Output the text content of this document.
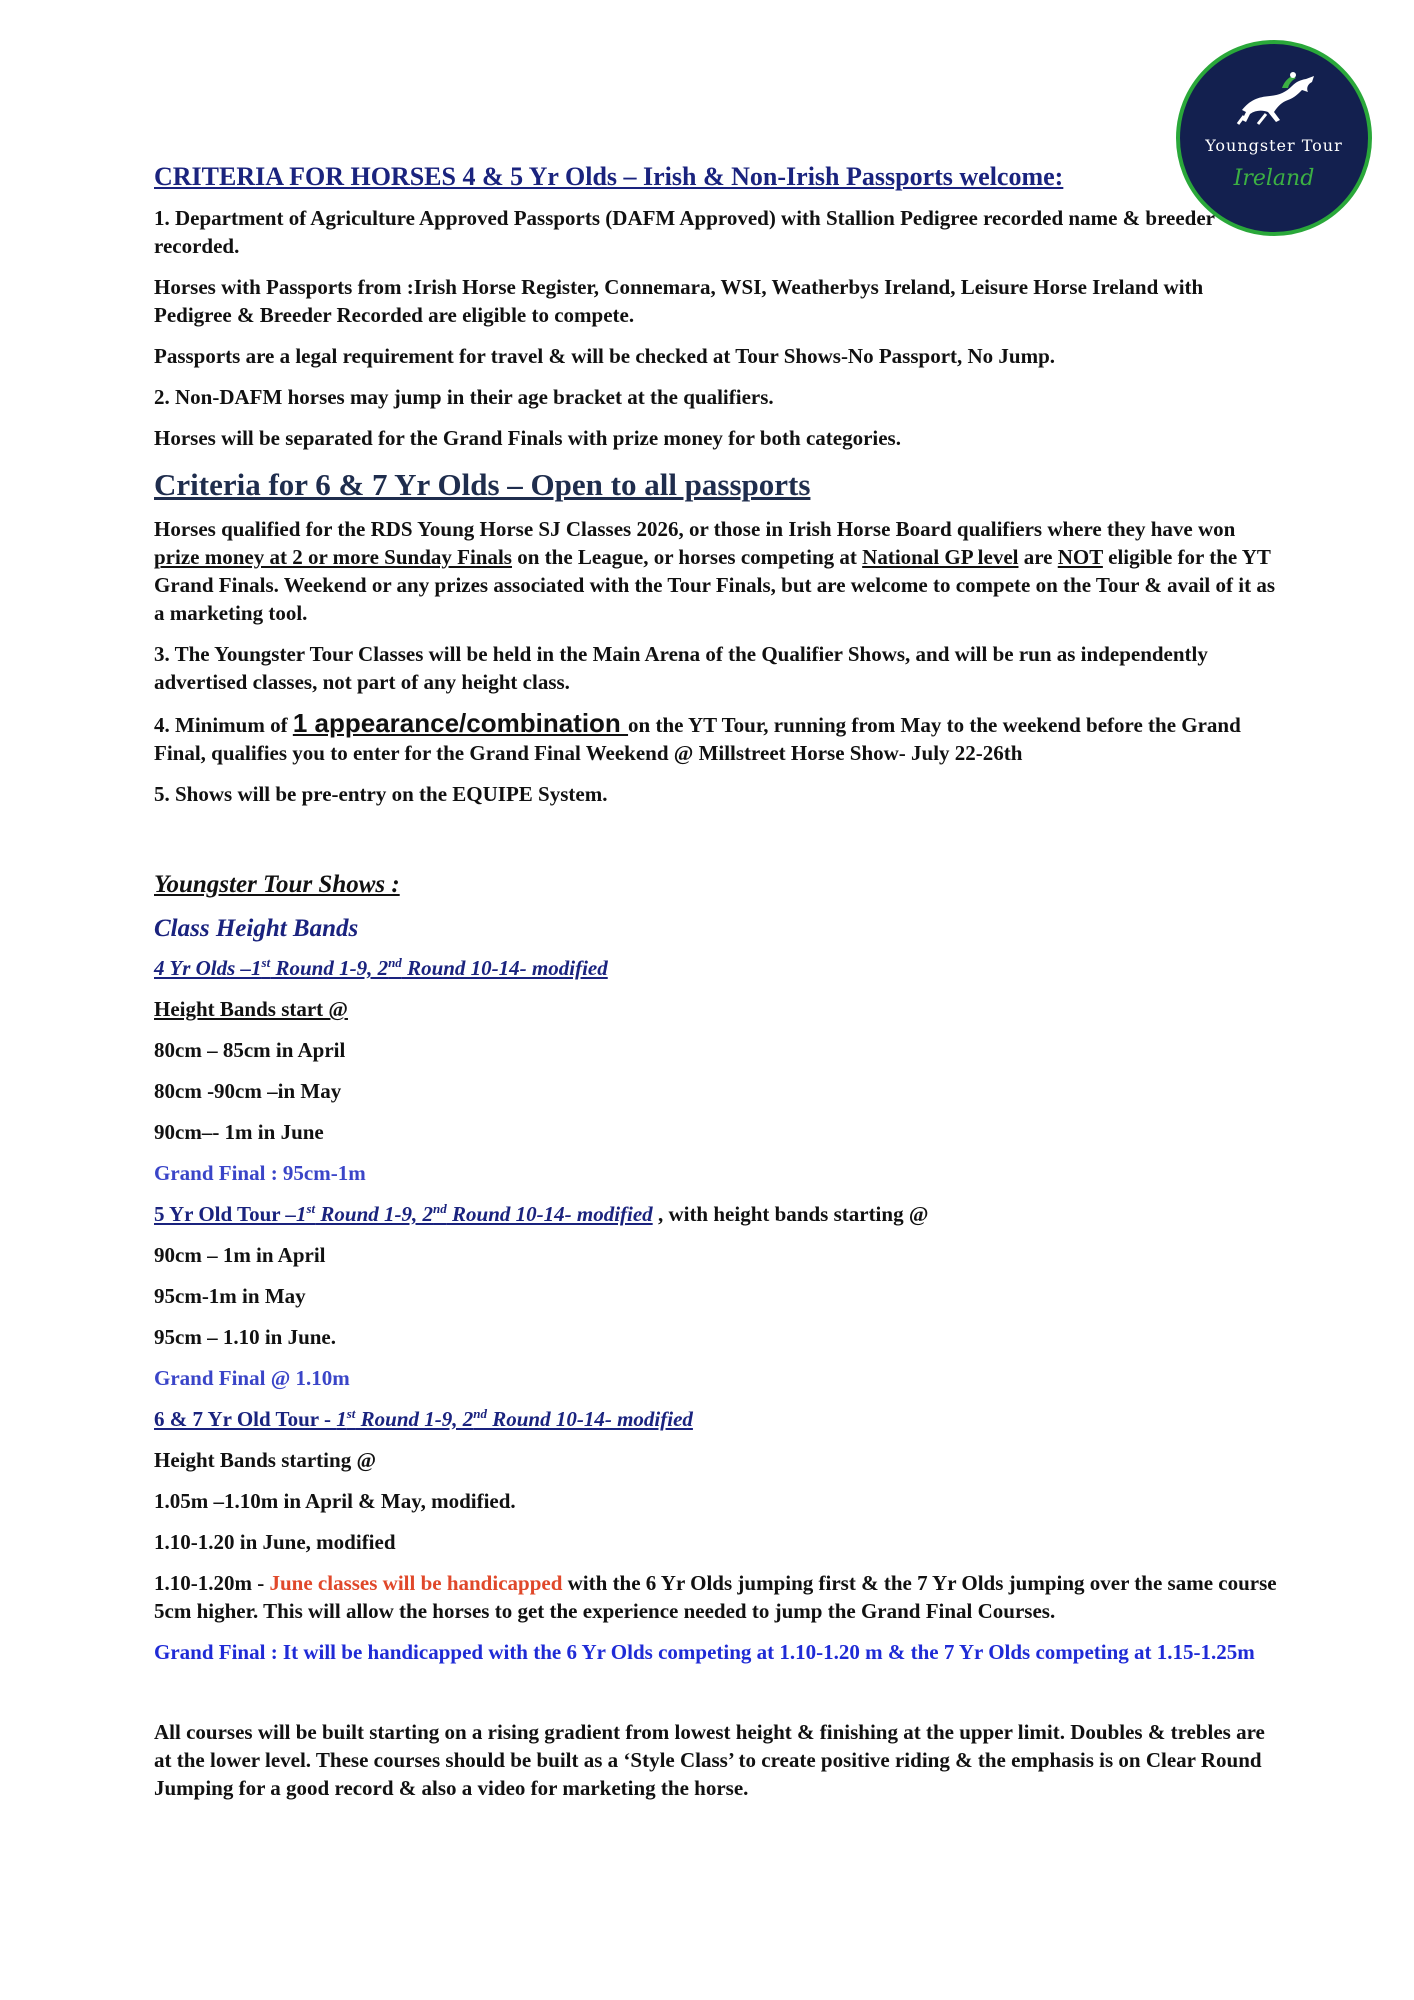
Youngster Tour
Ireland

CRITERIA FOR HORSES 4 & 5 Yr Olds – Irish & Non-Irish Passports welcome:

1. Department of Agriculture Approved Passports (DAFM Approved) with Stallion Pedigree recorded name & breeder recorded.

Horses with Passports from :Irish Horse Register, Connemara, WSI, Weatherbys Ireland, Leisure Horse Ireland with Pedigree & Breeder Recorded are eligible to compete.

Passports are a legal requirement for travel & will be checked at Tour Shows-No Passport, No Jump.

2. Non-DAFM horses may jump in their age bracket at the qualifiers.

Horses will be separated for the Grand Finals with prize money for both categories.

Criteria for 6 & 7 Yr Olds – Open to all passports

Horses qualified for the RDS Young Horse SJ Classes 2026, or those in Irish Horse Board qualifiers where they have won prize money at 2 or more Sunday Finals on the League, or horses competing at National GP level are NOT eligible for the YT Grand Finals. Weekend or any prizes associated with the Tour Finals, but are welcome to compete on the Tour & avail of it as a marketing tool.

3. The Youngster Tour Classes will be held in the Main Arena of the Qualifier Shows, and will be run as independently advertised classes, not part of any height class.

4. Minimum of 1 appearance/combination on the YT Tour, running from May to the weekend before the Grand Final, qualifies you to enter for the Grand Final Weekend @ Millstreet Horse Show- July 22-26th

5. Shows will be pre-entry on the EQUIPE System.

Youngster Tour Shows :

Class Height Bands

4 Yr Olds –1st Round 1-9, 2nd Round 10-14- modified

Height Bands start @

80cm – 85cm in April

80cm -90cm –in May

90cm–- 1m in June

Grand Final : 95cm-1m

5 Yr Old Tour –1st Round 1-9, 2nd Round 10-14- modified , with height bands starting @

90cm – 1m in April

95cm-1m in May

95cm – 1.10 in June.

Grand Final @ 1.10m

6 & 7 Yr Old Tour - 1st Round 1-9, 2nd Round 10-14- modified

Height Bands starting @

1.05m –1.10m in April & May, modified.

1.10-1.20 in June, modified

1.10-1.20m - June classes will be handicapped with the 6 Yr Olds jumping first & the 7 Yr Olds jumping over the same course 5cm higher. This will allow the horses to get the experience needed to jump the Grand Final Courses.

Grand Final : It will be handicapped with the 6 Yr Olds competing at 1.10-1.20 m & the 7 Yr Olds competing at 1.15-1.25m

All courses will be built starting on a rising gradient from lowest height & finishing at the upper limit. Doubles & trebles are at the lower level. These courses should be built as a ‘Style Class’ to create positive riding & the emphasis is on Clear Round Jumping for a good record & also a video for marketing the horse.
